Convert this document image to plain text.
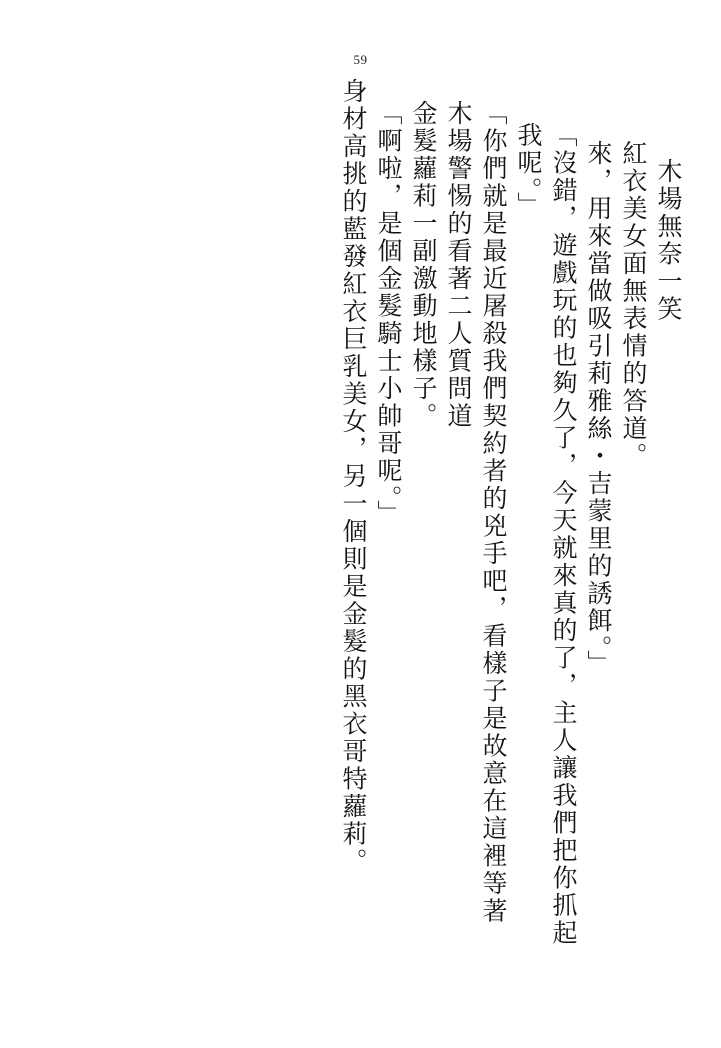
59
身材高挑的藍發紅衣巨乳美女，另一個則是金髮的黑衣哥特蘿莉。 「啊啦，是個金髮騎士小帥哥呢。」 金髮蘿莉一副激動地樣子。 木場警惕的看著二人質問道 「你們就是最近屠殺我們契約者的兇手吧，看樣子是故意在這裡等著 我呢。」 「沒錯，遊戲玩的也夠久了，今天就來真的了，主人讓我們把你抓起 來，用來當做吸引莉雅絲・吉蒙里的誘餌。」 紅衣美女面無表情的答道。 木場無奈一笑
